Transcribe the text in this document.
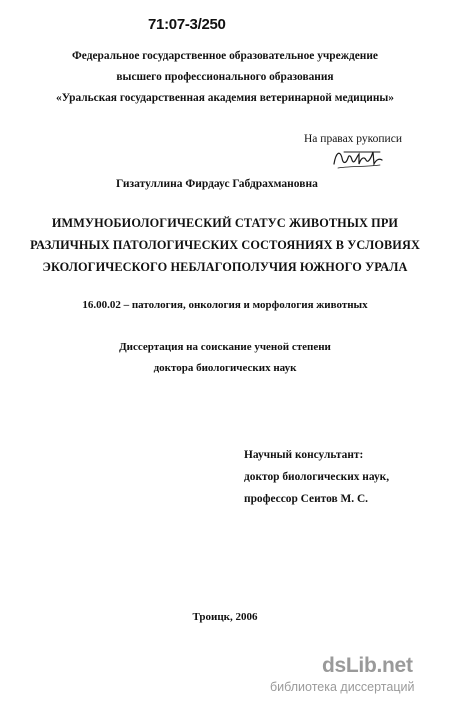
71:07-3/250
Федеральное государственное образовательное учреждение
высшего профессионального образования
«Уральская государственная академия ветеринарной медицины»
На правах рукописи
Гизатуллина Фирдаус Габдрахмановна
ИММУНОБИОЛОГИЧЕСКИЙ СТАТУС ЖИВОТНЫХ ПРИ
РАЗЛИЧНЫХ ПАТОЛОГИЧЕСКИХ СОСТОЯНИЯХ В УСЛОВИЯХ
ЭКОЛОГИЧЕСКОГО НЕБЛАГОПОЛУЧИЯ ЮЖНОГО УРАЛА
16.00.02 – патология, онкология и морфология животных
Диссертация на соискание ученой степени
доктора биологических наук
Научный консультант:
доктор биологических наук,
профессор Сеитов М. С.
Троицк, 2006
dsLib.net
библиотека диссертаций
